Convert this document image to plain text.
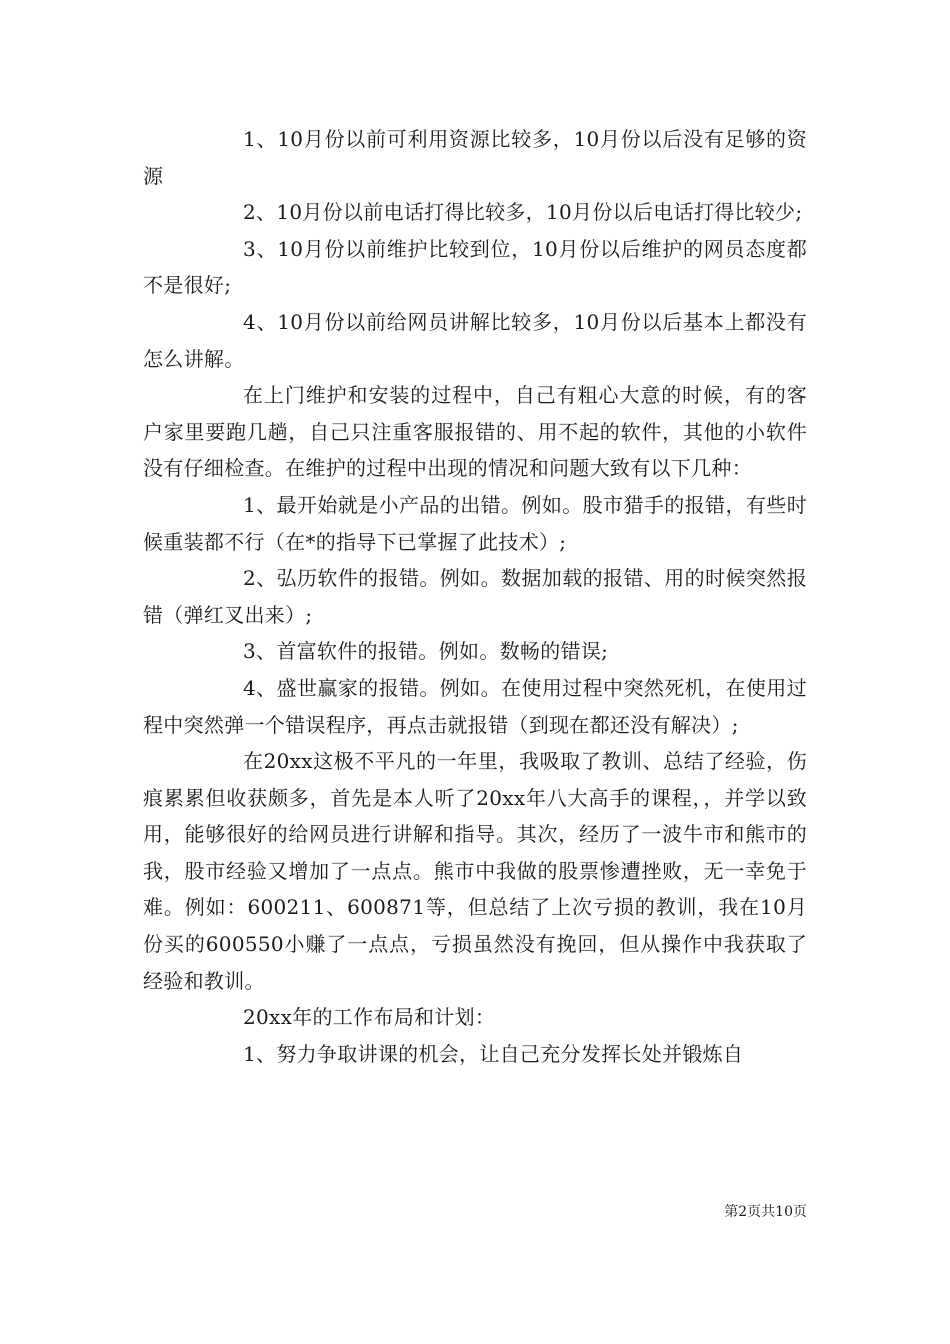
1、10月份以前可利用资源比较多，10月份以后没有足够的资源

2、10月份以前电话打得比较多，10月份以后电话打得比较少;

3、10月份以前维护比较到位，10月份以后维护的网员态度都不是很好;

4、10月份以前给网员讲解比较多，10月份以后基本上都没有怎么讲解。

在上门维护和安装的过程中，自己有粗心大意的时候，有的客户家里要跑几趟，自己只注重客服报错的、用不起的软件，其他的小软件没有仔细检查。在维护的过程中出现的情况和问题大致有以下几种：

1、最开始就是小产品的出错。例如。股市猎手的报错，有些时候重装都不行（在*的指导下已掌握了此技术）;

2、弘历软件的报错。例如。数据加载的报错、用的时候突然报错（弹红叉出来）;

3、首富软件的报错。例如。数畅的错误;

4、盛世赢家的报错。例如。在使用过程中突然死机，在使用过程中突然弹一个错误程序，再点击就报错（到现在都还没有解决）;

在20xx这极不平凡的一年里，我吸取了教训、总结了经验，伤痕累累但收获颇多，首先是本人听了20xx年八大高手的课程，，并学以致用，能够很好的给网员进行讲解和指导。其次，经历了一波牛市和熊市的我，股市经验又增加了一点点。熊市中我做的股票惨遭挫败，无一幸免于难。例如：600211、600871等，但总结了上次亏损的教训，我在10月份买的600550小赚了一点点，亏损虽然没有挽回，但从操作中我获取了经验和教训。

20xx年的工作布局和计划：

1、努力争取讲课的机会，让自己充分发挥长处并锻炼自

第2页共10页
